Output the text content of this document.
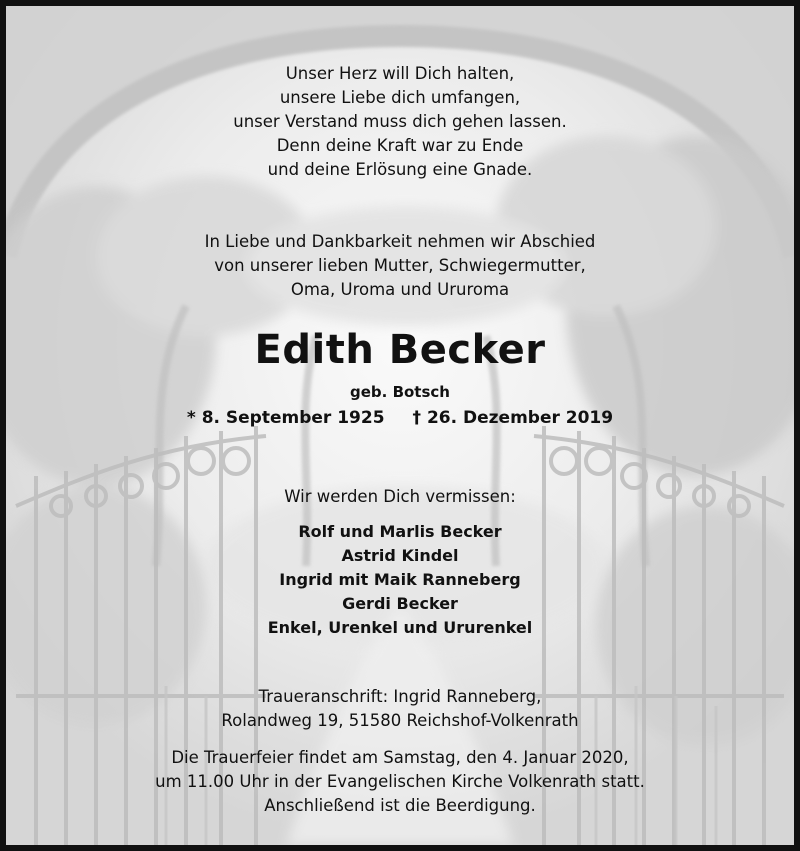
Unser Herz will Dich halten,

unsere Liebe dich umfangen,

unser Verstand muss dich gehen lassen.

Denn deine Kraft war zu Ende

und deine Erlösung eine Gnade.

In Liebe und Dankbarkeit nehmen wir Abschied

von unserer lieben Mutter, Schwiegermutter,

Oma, Uroma und Ururoma

Edith Becker

geb. Botsch

* 8. September 1925 † 26. Dezember 2019

Wir werden Dich vermissen:

Rolf und Marlis Becker

Astrid Kindel

Ingrid mit Maik Ranneberg

Gerdi Becker

Enkel, Urenkel und Ururenkel

Traueranschrift: Ingrid Ranneberg,

Rolandweg 19, 51580 Reichshof-Volkenrath

Die Trauerfeier findet am Samstag, den 4. Januar 2020,

um 11.00 Uhr in der Evangelischen Kirche Volkenrath statt.

Anschließend ist die Beerdigung.
